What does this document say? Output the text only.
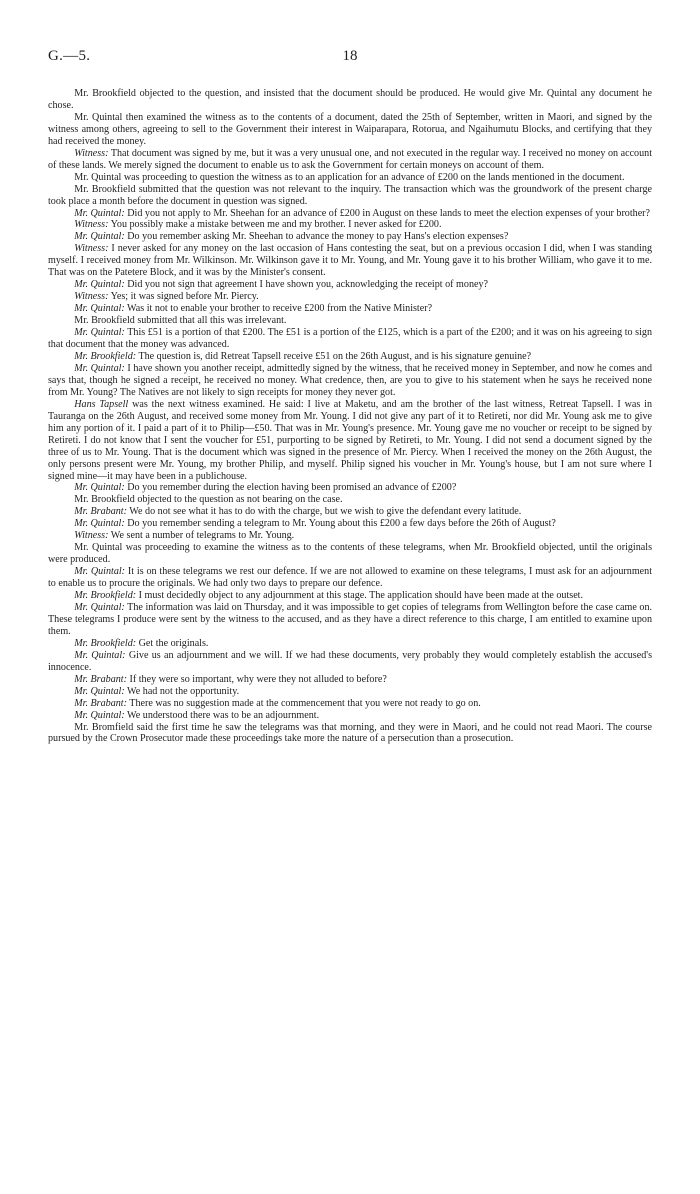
G.—5.	18

Mr. Brookfield objected to the question, and insisted that the document should be produced. He would give Mr. Quintal any document he chose.

Mr. Quintal then examined the witness as to the contents of a document, dated the 25th of September, written in Maori, and signed by the witness among others, agreeing to sell to the Government their interest in Waiparapara, Rotorua, and Ngaihumutu Blocks, and certifying that they had received the money.

Witness: That document was signed by me, but it was a very unusual one, and not executed in the regular way. I received no money on account of these lands. We merely signed the document to enable us to ask the Government for certain moneys on account of them.

Mr. Quintal was proceeding to question the witness as to an application for an advance of £200 on the lands mentioned in the document.

Mr. Brookfield submitted that the question was not relevant to the inquiry. The transaction which was the groundwork of the present charge took place a month before the document in question was signed.

Mr. Quintal: Did you not apply to Mr. Sheehan for an advance of £200 in August on these lands to meet the election expenses of your brother?

Witness: You possibly make a mistake between me and my brother. I never asked for £200.

Mr. Quintal: Do you remember asking Mr. Sheehan to advance the money to pay Hans's election expenses?

Witness: I never asked for any money on the last occasion of Hans contesting the seat, but on a previous occasion I did, when I was standing myself. I received money from Mr. Wilkinson. Mr. Wilkinson gave it to Mr. Young, and Mr. Young gave it to his brother William, who gave it to me. That was on the Patetere Block, and it was by the Minister's consent.

Mr. Quintal: Did you not sign that agreement I have shown you, acknowledging the receipt of money?

Witness: Yes; it was signed before Mr. Piercy.

Mr. Quintal: Was it not to enable your brother to receive £200 from the Native Minister?

Mr. Brookfield submitted that all this was irrelevant.

Mr. Quintal: This £51 is a portion of that £200. The £51 is a portion of the £125, which is a part of the £200; and it was on his agreeing to sign that document that the money was advanced.

Mr. Brookfield: The question is, did Retreat Tapsell receive £51 on the 26th August, and is his signature genuine?

Mr. Quintal: I have shown you another receipt, admittedly signed by the witness, that he received money in September, and now he comes and says that, though he signed a receipt, he received no money. What credence, then, are you to give to his statement when he says he received none from Mr. Young? The Natives are not likely to sign receipts for money they never got.

Hans Tapsell was the next witness examined. He said: I live at Maketu, and am the brother of the last witness, Retreat Tapsell. I was in Tauranga on the 26th August, and received some money from Mr. Young. I did not give any part of it to Retireti, nor did Mr. Young ask me to give him any portion of it. I paid a part of it to Philip—£50. That was in Mr. Young's presence. Mr. Young gave me no voucher or receipt to be signed by Retireti. I do not know that I sent the voucher for £51, purporting to be signed by Retireti, to Mr. Young. I did not send a document signed by the three of us to Mr. Young. That is the document which was signed in the presence of Mr. Piercy. When I received the money on the 26th August, the only persons present were Mr. Young, my brother Philip, and myself. Philip signed his voucher in Mr. Young's house, but I am not sure where I signed mine—it may have been in a publichouse.

Mr. Quintal: Do you remember during the election having been promised an advance of £200?

Mr. Brookfield objected to the question as not bearing on the case.

Mr. Brabant: We do not see what it has to do with the charge, but we wish to give the defendant every latitude.

Mr. Quintal: Do you remember sending a telegram to Mr. Young about this £200 a few days before the 26th of August?

Witness: We sent a number of telegrams to Mr. Young.

Mr. Quintal was proceeding to examine the witness as to the contents of these telegrams, when Mr. Brookfield objected, until the originals were produced.

Mr. Quintal: It is on these telegrams we rest our defence. If we are not allowed to examine on these telegrams, I must ask for an adjournment to enable us to procure the originals. We had only two days to prepare our defence.

Mr. Brookfield: I must decidedly object to any adjournment at this stage. The application should have been made at the outset.

Mr. Quintal: The information was laid on Thursday, and it was impossible to get copies of telegrams from Wellington before the case came on. These telegrams I produce were sent by the witness to the accused, and as they have a direct reference to this charge, I am entitled to examine upon them.

Mr. Brookfield: Get the originals.

Mr. Quintal: Give us an adjournment and we will. If we had these documents, very probably they would completely establish the accused's innocence.

Mr. Brabant: If they were so important, why were they not alluded to before?

Mr. Quintal: We had not the opportunity.

Mr. Brabant: There was no suggestion made at the commencement that you were not ready to go on.

Mr. Quintal: We understood there was to be an adjournment.

Mr. Bromfield said the first time he saw the telegrams was that morning, and they were in Maori, and he could not read Maori. The course pursued by the Crown Prosecutor made these proceedings take more the nature of a persecution than a prosecution.
